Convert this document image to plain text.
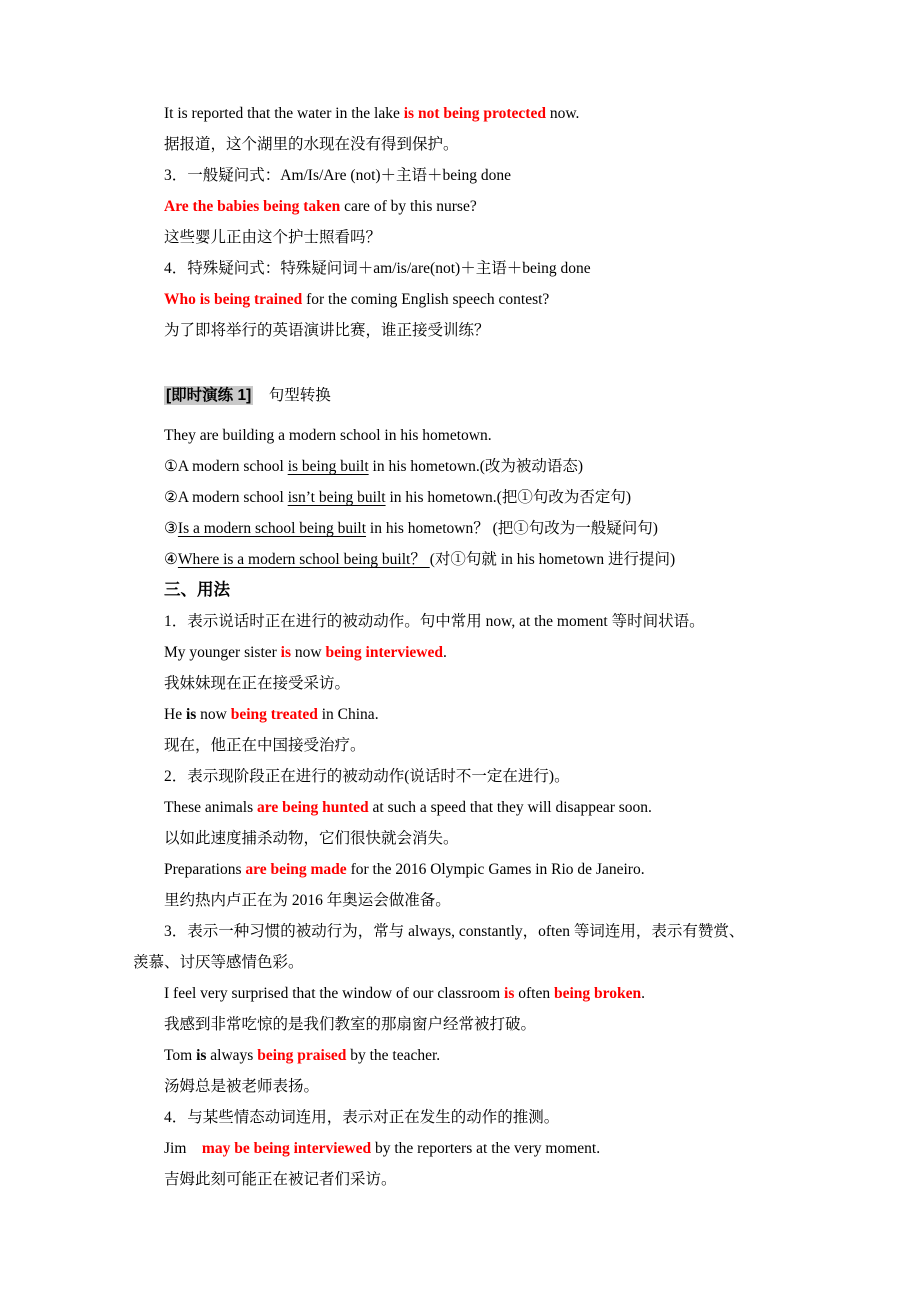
It is reported that the water in the lake is not being protected now.

据报道，这个湖里的水现在没有得到保护。

3．一般疑问式：Am/Is/Are (not)＋主语＋being done

Are the babies being taken care of by this nurse?

这些婴儿正由这个护士照看吗？

4．特殊疑问式：特殊疑问词＋am/is/are(not)＋主语＋being done

Who is being trained for the coming English speech contest?

为了即将举行的英语演讲比赛，谁正接受训练？

[即时演练 1]　句型转换

They are building a modern school in his hometown.

①A modern school is being built in his hometown.(改为被动语态)

②A modern school isn’t being built in his hometown.(把①句改为否定句)

③Is a modern school being built in his hometown？ (把①句改为一般疑问句)

④Where is a modern school being built？ (对①句就 in his hometown 进行提问)

三、用法

1．表示说话时正在进行的被动动作。句中常用 now, at the moment 等时间状语。

My younger sister is now being interviewed.

我妹妹现在正在接受采访。

He is now being treated in China.

现在，他正在中国接受治疗。

2．表示现阶段正在进行的被动动作(说话时不一定在进行)。

These animals are being hunted at such a speed that they will disappear soon.

以如此速度捕杀动物，它们很快就会消失。

Preparations are being made for the 2016 Olympic Games in Rio de Janeiro.

里约热内卢正在为 2016 年奥运会做准备。

3．表示一种习惯的被动行为，常与 always, constantly，often 等词连用，表示有赞赏、

羡慕、讨厌等感情色彩。

I feel very surprised that the window of our classroom is often being broken.

我感到非常吃惊的是我们教室的那扇窗户经常被打破。

Tom is always being praised by the teacher.

汤姆总是被老师表扬。

4．与某些情态动词连用，表示对正在发生的动作的推测。

Jim　may be being interviewed by the reporters at the very moment.

吉姆此刻可能正在被记者们采访。
